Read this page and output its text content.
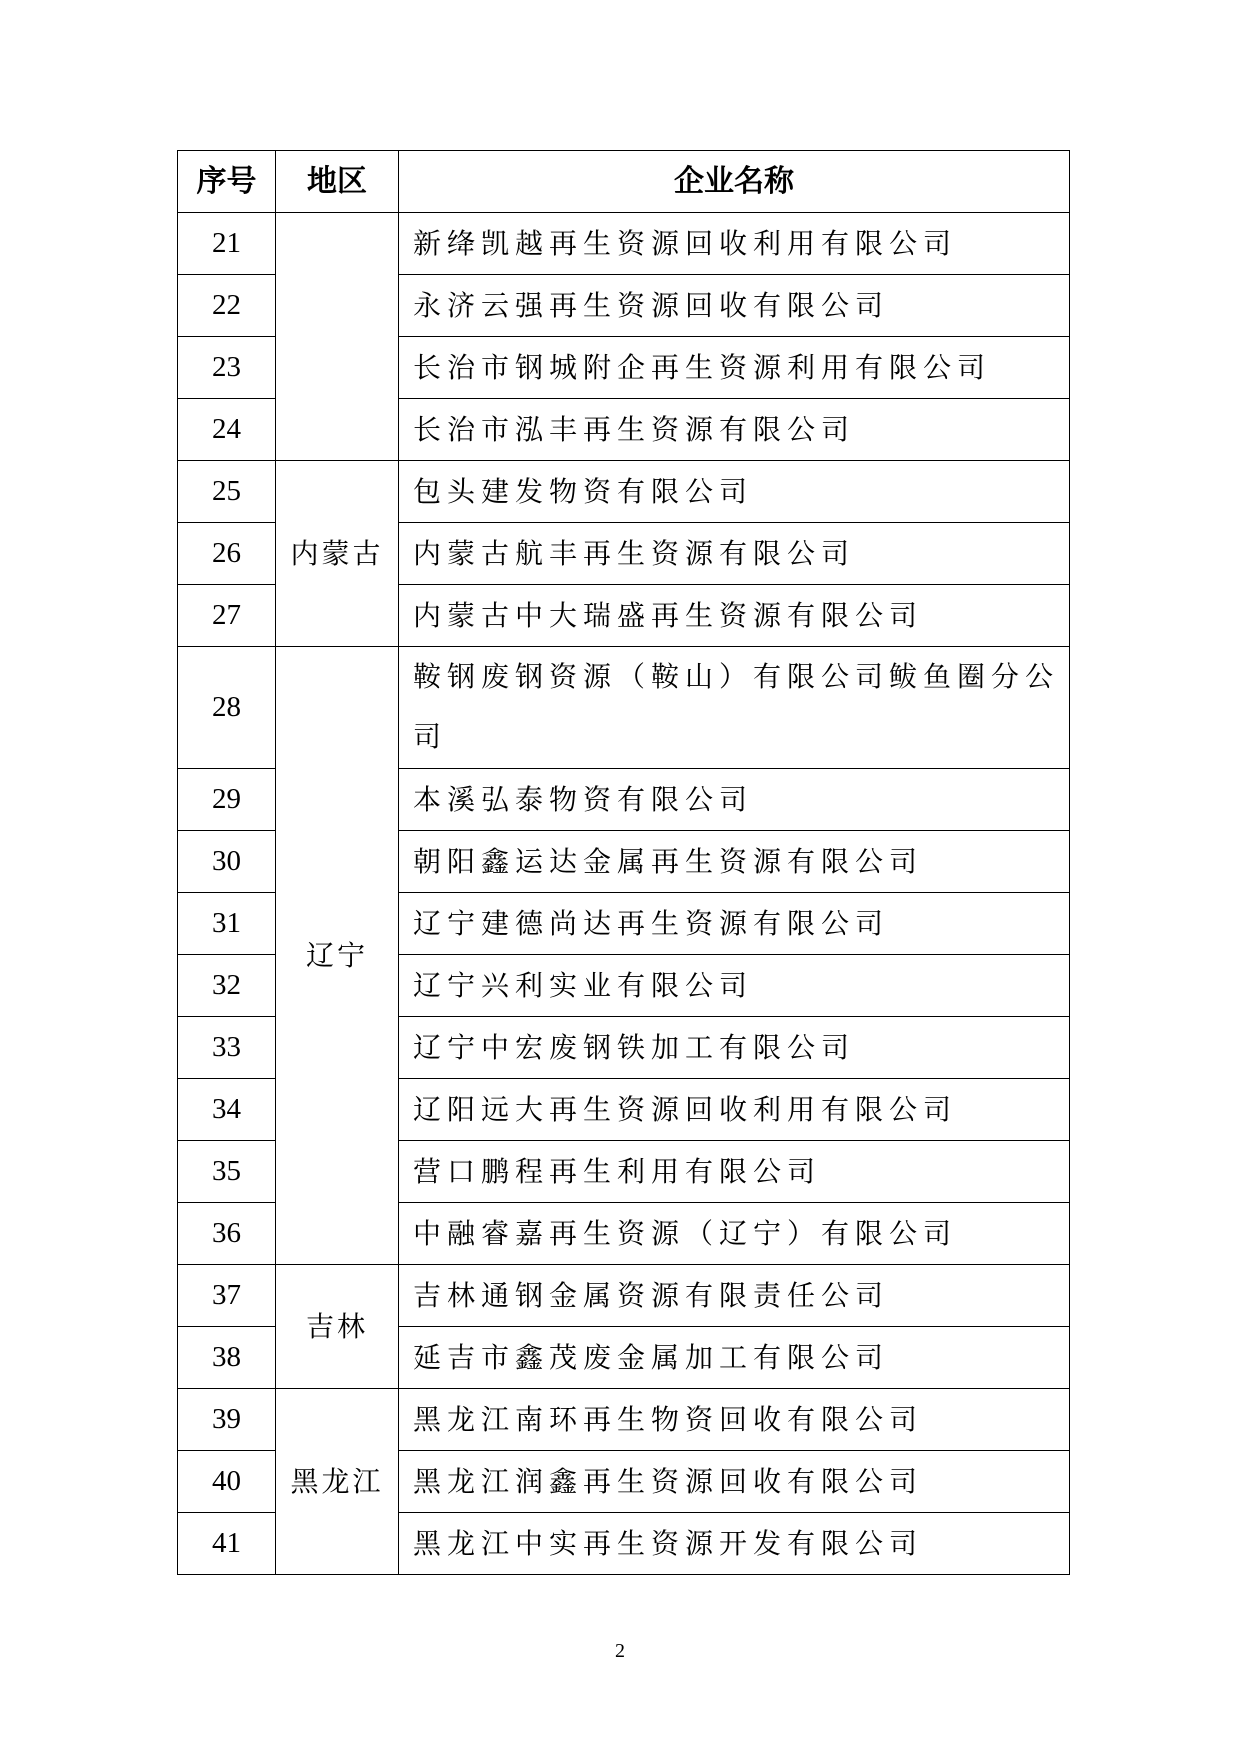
序号	地区	企业名称
21		新绛凯越再生资源回收利用有限公司
22		永济云强再生资源回收有限公司
23		长治市钢城附企再生资源利用有限公司
24		长治市泓丰再生资源有限公司
25	内蒙古	包头建发物资有限公司
26		内蒙古航丰再生资源有限公司
27		内蒙古中大瑞盛再生资源有限公司
28	辽宁	鞍钢废钢资源（鞍山）有限公司鲅鱼圈分公司
29		本溪弘泰物资有限公司
30		朝阳鑫运达金属再生资源有限公司
31		辽宁建德尚达再生资源有限公司
32		辽宁兴利实业有限公司
33		辽宁中宏废钢铁加工有限公司
34		辽阳远大再生资源回收利用有限公司
35		营口鹏程再生利用有限公司
36		中融睿嘉再生资源（辽宁）有限公司
37	吉林	吉林通钢金属资源有限责任公司
38		延吉市鑫茂废金属加工有限公司
39	黑龙江	黑龙江南环再生物资回收有限公司
40		黑龙江润鑫再生资源回收有限公司
41		黑龙江中实再生资源开发有限公司
2
